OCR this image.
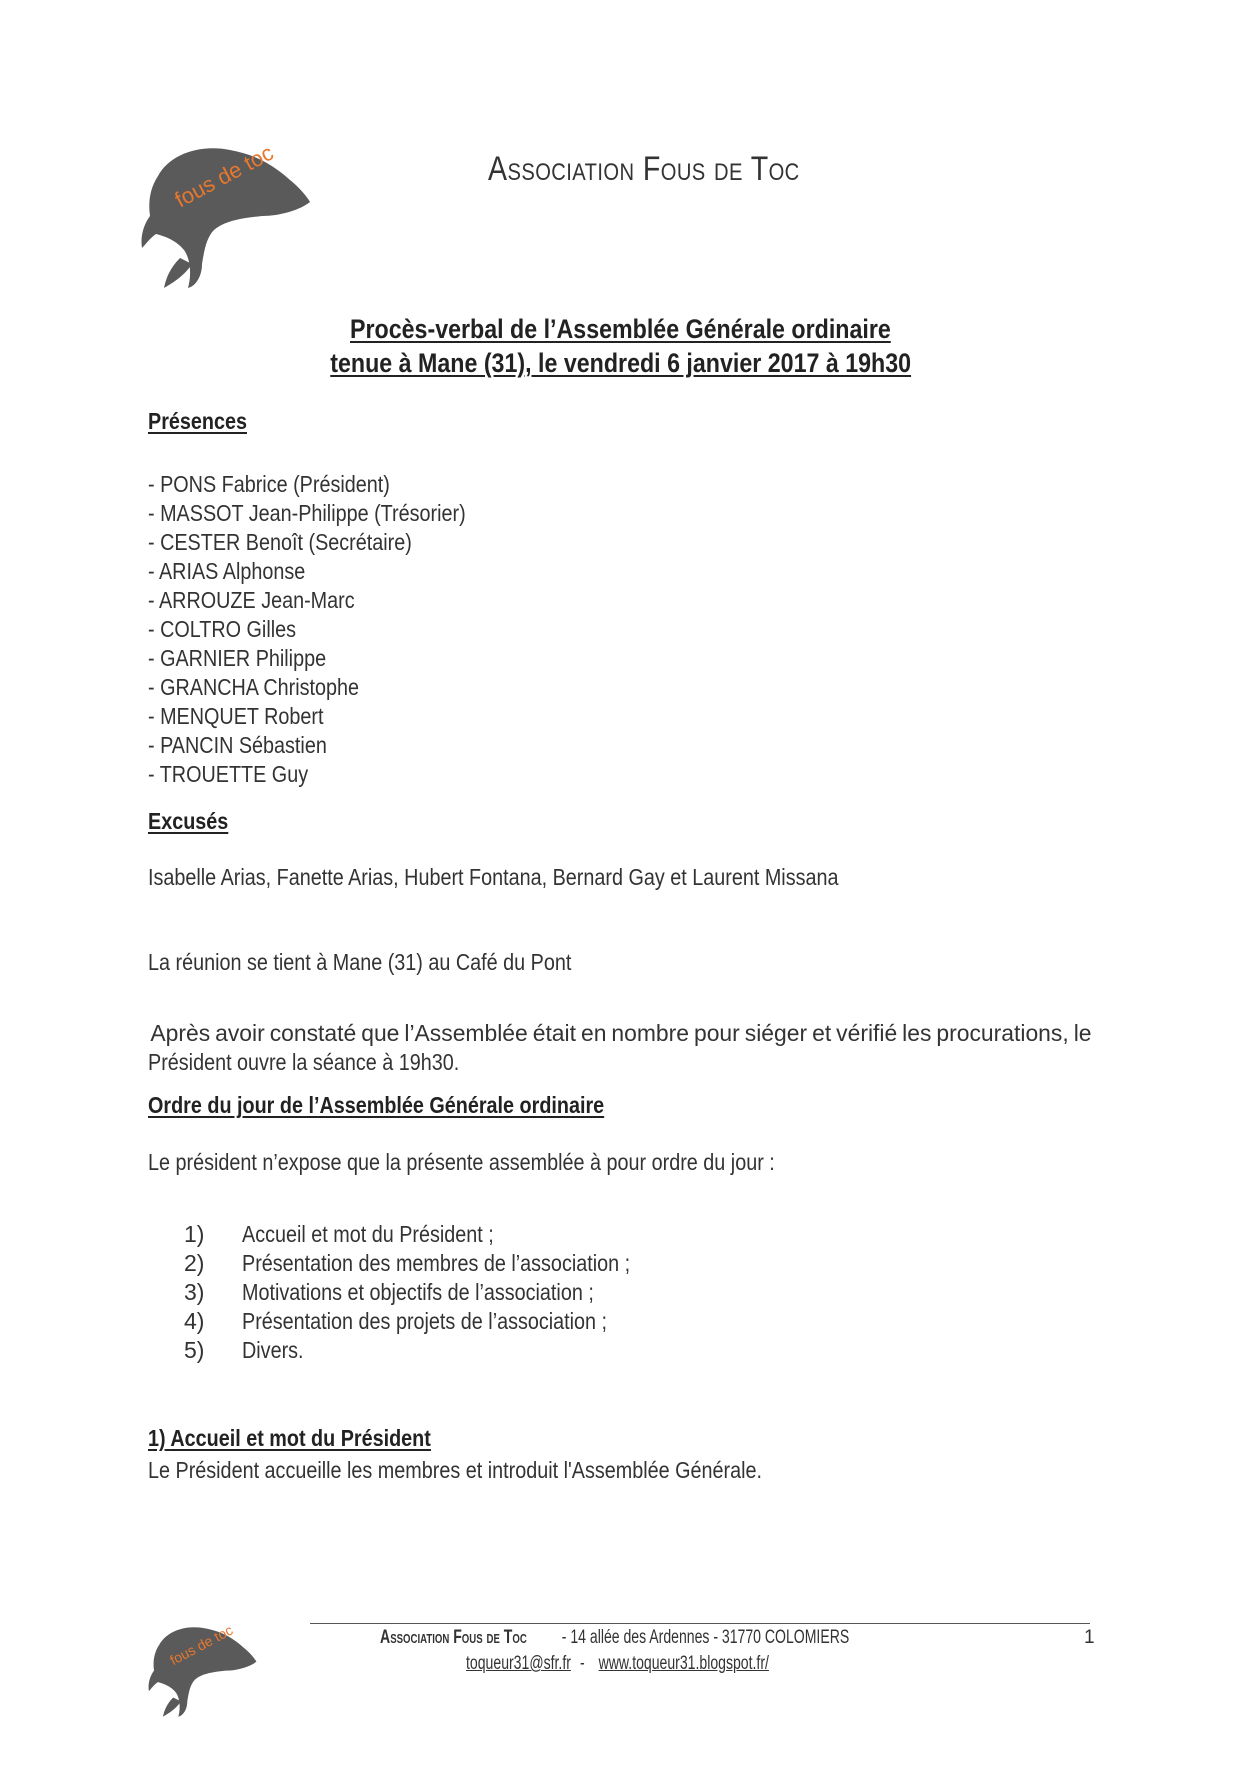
fous de toc	Association Fous de Toc
Procès-verbal de l’Assemblée Générale ordinaire
tenue à Mane (31), le vendredi 6 janvier 2017 à 19h30
Présences
- PONS Fabrice (Président)
- MASSOT Jean-Philippe (Trésorier)
- CESTER Benoît (Secrétaire)
- ARIAS Alphonse
- ARROUZE Jean-Marc
- COLTRO Gilles
- GARNIER Philippe
- GRANCHA Christophe
- MENQUET Robert
- PANCIN Sébastien
- TROUETTE Guy
Excusés
Isabelle Arias, Fanette Arias, Hubert Fontana, Bernard Gay et Laurent Missana
La réunion se tient à Mane (31) au Café du Pont
Après avoir constaté que l’Assemblée était en nombre pour siéger et vérifié les procurations, le
Président ouvre la séance à 19h30.
Ordre du jour de l’Assemblée Générale ordinaire
Le président n’expose que la présente assemblée à pour ordre du jour :
1) Accueil et mot du Président ;
2) Présentation des membres de l’association ;
3) Motivations et objectifs de l’association ;
4) Présentation des projets de l’association ;
5) Divers.
1) Accueil et mot du Président
Le Président accueille les membres et introduit l'Assemblée Générale.
fous de toc	Association Fous de Toc- 14 allée des Ardennes - 31770 COLOMIERS
toqueur31@sfr.fr-www.toqueur31.blogspot.fr/
1
